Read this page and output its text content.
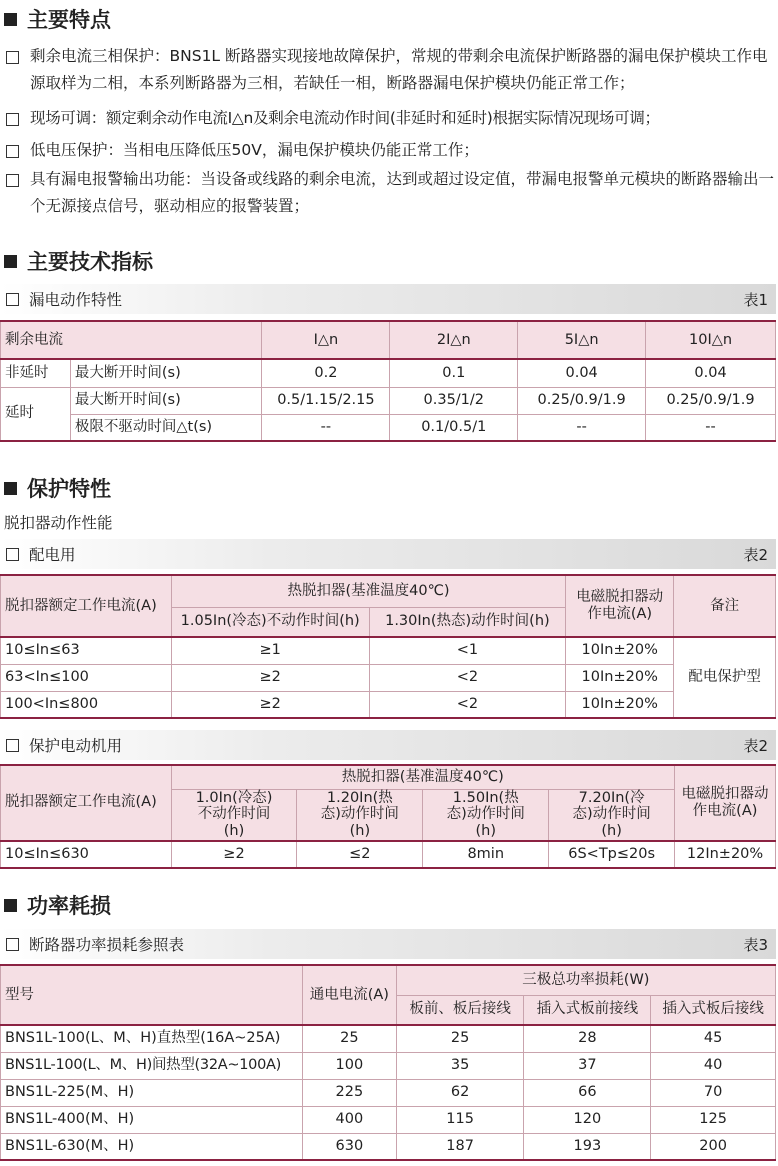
主要特点
剩余电流三相保护：BNS1L 断路器实现接地故障保护，常规的带剩余电流保护断路器的漏电保护模块工作电源取样为二相，本系列断路器为三相，若缺任一相，断路器漏电保护模块仍能正常工作；
现场可调：额定剩余动作电流I△n及剩余电流动作时间(非延时和延时)根据实际情况现场可调；
低电压保护：当相电压降低压50V，漏电保护模块仍能正常工作；
具有漏电报警输出功能：当设备或线路的剩余电流，达到或超过设定值，带漏电报警单元模块的断路器输出一个无源接点信号，驱动相应的报警装置；
主要技术指标
漏电动作特性	表1
剩余电流		I△n	2I△n	5I△n	10I△n
非延时	最大断开时间(s)	0.2	0.1	0.04	0.04
延时	最大断开时间(s)	0.5/1.15/2.15	0.35/1/2	0.25/0.9/1.9	0.25/0.9/1.9
	极限不驱动时间△t(s)	--	0.1/0.5/1	--	--
保护特性
脱扣器动作性能
配电用	表2
脱扣器额定工作电流(A)	热脱扣器(基准温度40℃)		电磁脱扣器动作电流(A)	备注
	1.05In(冷态)不动作时间(h)	1.30In(热态)动作时间(h)		
10≤In≤63	≥1	<1	10In±20%	配电保护型
63<In≤100	≥2	<2	10In±20%	
100<In≤800	≥2	<2	10In±20%	
保护电动机用	表2
脱扣器额定工作电流(A)	热脱扣器(基准温度40℃)				电磁脱扣器动作电流(A)
	1.0In(冷态)不动作时间(h)	1.20In(热态)动作时间(h)	1.50In(热态)动作时间(h)	7.20In(冷态)动作时间(h)	
10≤In≤630	≥2	≤2	8min	6S<Tp≤20s	12In±20%
功率耗损
断路器功率损耗参照表	表3
型号	通电电流(A)	三极总功率损耗(W)		
		板前、板后接线	插入式板前接线	插入式板后接线
BNS1L-100(L、M、H)直热型(16A~25A)	25	25	28	45
BNS1L-100(L、M、H)间热型(32A~100A)	100	35	37	40
BNS1L-225(M、H)	225	62	66	70
BNS1L-400(M、H)	400	115	120	125
BNS1L-630(M、H)	630	187	193	200
